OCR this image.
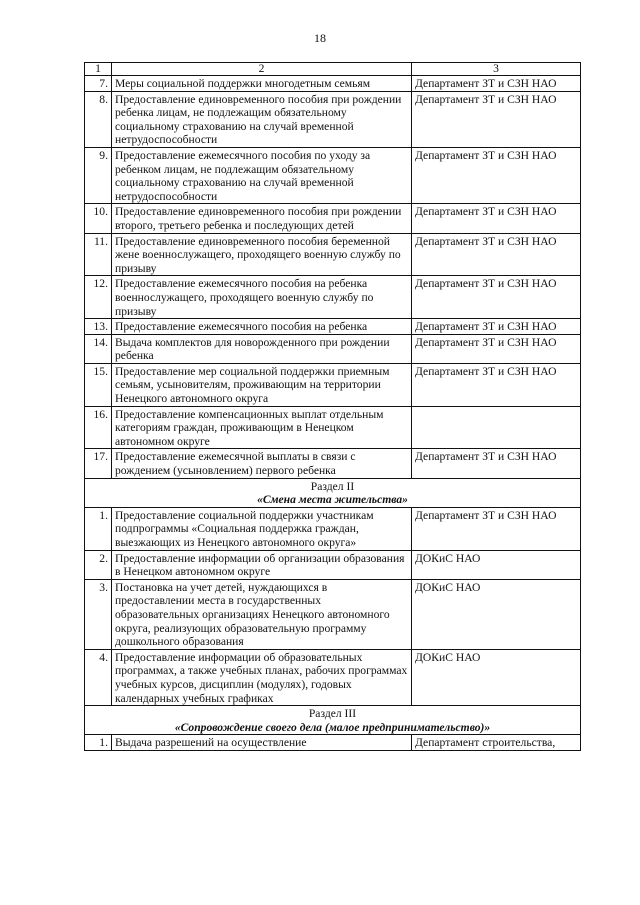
18
1	2	3
7.	Меры социальной поддержки многодетным семьям	Департамент ЗТ и СЗН НАО
8.	Предоставление единовременного пособия при рождении ребенка лицам, не подлежащим обязательному социальному страхованию на случай временной нетрудоспособности	Департамент ЗТ и СЗН НАО
9.	Предоставление ежемесячного пособия по уходу за ребенком лицам, не подлежащим обязательному социальному страхованию на случай временной нетрудоспособности	Департамент ЗТ и СЗН НАО
10.	Предоставление единовременного пособия при рождении второго, третьего ребенка и последующих детей	Департамент ЗТ и СЗН НАО
11.	Предоставление единовременного пособия беременной жене военнослужащего, проходящего военную службу по призыву	Департамент ЗТ и СЗН НАО
12.	Предоставление ежемесячного пособия на ребенка военнослужащего, проходящего военную службу по призыву	Департамент ЗТ и СЗН НАО
13.	Предоставление ежемесячного пособия на ребенка	Департамент ЗТ и СЗН НАО
14.	Выдача комплектов для новорожденного при рождении ребенка	Департамент ЗТ и СЗН НАО
15.	Предоставление мер социальной поддержки приемным семьям, усыновителям, проживающим на территории Ненецкого автономного округа	Департамент ЗТ и СЗН НАО
16.	Предоставление компенсационных выплат отдельным категориям граждан, проживающим в Ненецком автономном округе	
17.	Предоставление ежемесячной выплаты в связи с рождением (усыновлением) первого ребенка	Департамент ЗТ и СЗН НАО

Раздел II
«Смена места жительства»		

1.	Предоставление социальной поддержки участникам подпрограммы «Социальная поддержка граждан, выезжающих из Ненецкого автономного округа»	Департамент ЗТ и СЗН НАО
2.	Предоставление информации об организации образования в Ненецком автономном округе	ДОКиС НАО
3.	Постановка на учет детей, нуждающихся в предоставлении места в государственных образовательных организациях Ненецкого автономного округа, реализующих образовательную программу дошкольного образования	ДОКиС НАО
4.	Предоставление информации об образовательных программах, а также учебных планах, рабочих программах учебных курсов, дисциплин (модулях), годовых календарных учебных графиках	ДОКиС НАО

Раздел III
«Сопровождение своего дела (малое предпринимательство)»		

1.	Выдача разрешений на осуществление	Департамент строительства,
